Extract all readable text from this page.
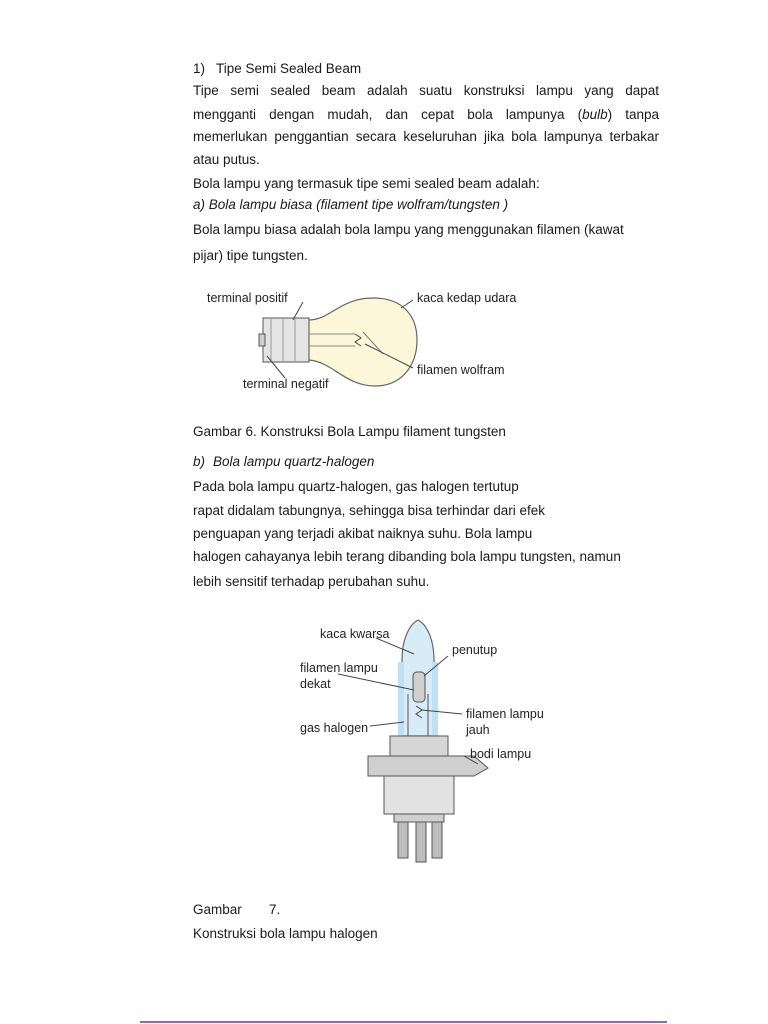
1) Tipe Semi Sealed Beam
Tipe semi sealed beam adalah suatu konstruksi lampu yang dapat
mengganti dengan mudah, dan cepat bola lampunya (bulb) tanpa
memerlukan penggantian secara keseluruhan jika bola lampunya terbakar
atau putus.
Bola lampu yang termasuk tipe semi sealed beam adalah:
a) Bola lampu biasa (filament tipe wolfram/tungsten )
Bola lampu biasa adalah bola lampu yang menggunakan filamen (kawat
pijar) tipe tungsten.
terminal positif	kaca kedap udara
filamen wolfram
terminal negatif
Gambar 6. Konstruksi Bola Lampu filament tungsten
b) Bola lampu quartz-halogen
Pada bola lampu quartz-halogen, gas halogen tertutup
rapat didalam tabungnya, sehingga bisa terhindar dari efek
penguapan yang terjadi akibat naiknya suhu. Bola lampu
halogen cahayanya lebih terang dibanding bola lampu tungsten, namun
lebih sensitif terhadap perubahan suhu.
kaca kwarsa
penutup
filamen lampu
dekat
filamen lampu
jauh
gas halogen
bodi lampu
Gambar 7.
Konstruksi bola lampu halogen
